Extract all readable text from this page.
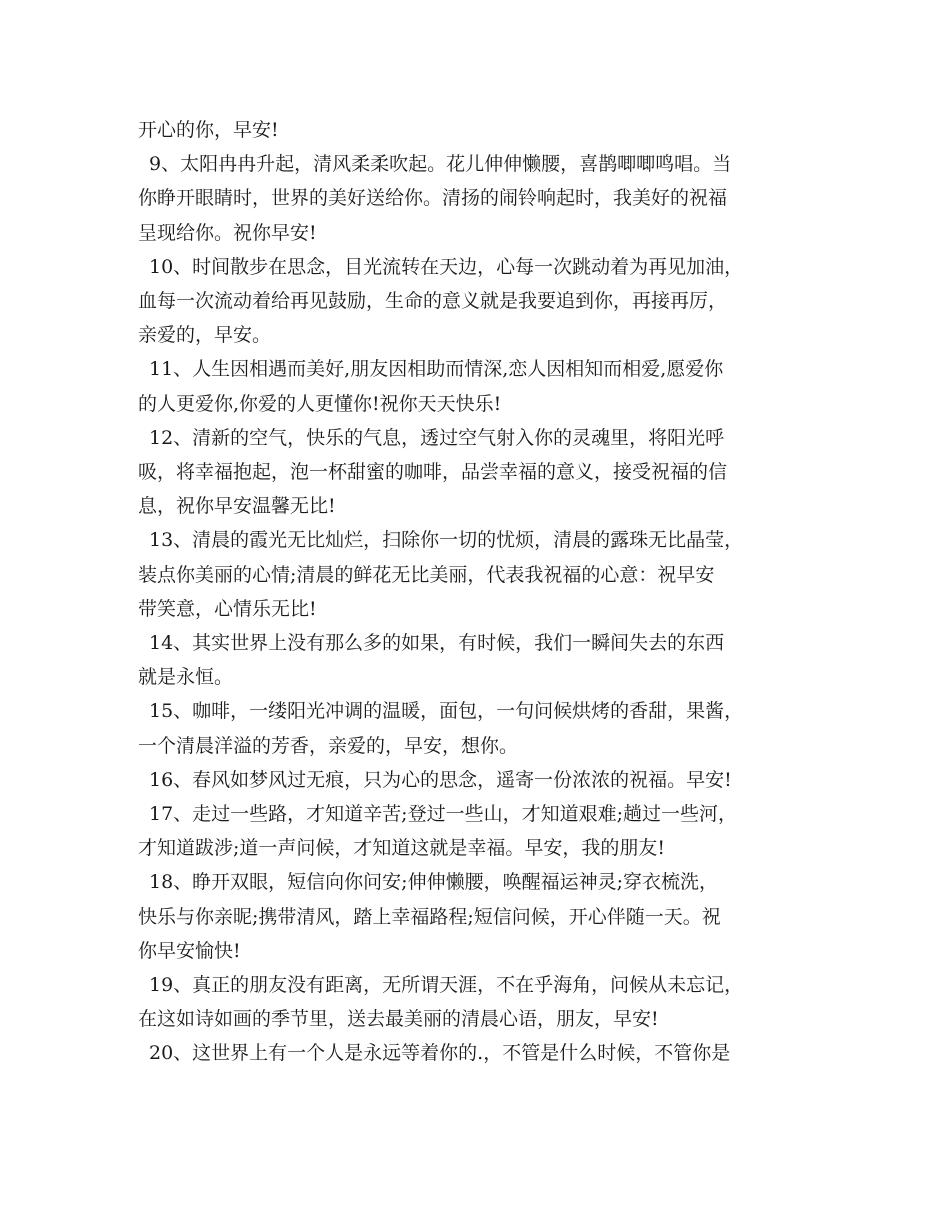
开心的你，早安!
9、太阳冉冉升起，清风柔柔吹起。花儿伸伸懒腰，喜鹊唧唧鸣唱。当
你睁开眼睛时，世界的美好送给你。清扬的闹铃响起时，我美好的祝福
呈现给你。祝你早安!
10、时间散步在思念，目光流转在天边，心每一次跳动着为再见加油，
血每一次流动着给再见鼓励，生命的意义就是我要追到你，再接再厉，
亲爱的，早安。
11、人生因相遇而美好,朋友因相助而情深,恋人因相知而相爱,愿爱你
的人更爱你,你爱的人更懂你!祝你天天快乐!
12、清新的空气，快乐的气息，透过空气射入你的灵魂里，将阳光呼
吸，将幸福抱起，泡一杯甜蜜的咖啡，品尝幸福的意义，接受祝福的信
息，祝你早安温馨无比!
13、清晨的霞光无比灿烂，扫除你一切的忧烦，清晨的露珠无比晶莹，
装点你美丽的心情;清晨的鲜花无比美丽，代表我祝福的心意：祝早安
带笑意，心情乐无比!
14、其实世界上没有那么多的如果，有时候，我们一瞬间失去的东西
就是永恒。
15、咖啡，一缕阳光冲调的温暖，面包，一句问候烘烤的香甜，果酱，
一个清晨洋溢的芳香，亲爱的，早安，想你。
16、春风如梦风过无痕，只为心的思念，遥寄一份浓浓的祝福。早安!
17、走过一些路，才知道辛苦;登过一些山，才知道艰难;趟过一些河，
才知道跋涉;道一声问候，才知道这就是幸福。早安，我的朋友!
18、睁开双眼，短信向你问安;伸伸懒腰，唤醒福运神灵;穿衣梳洗，
快乐与你亲昵;携带清风，踏上幸福路程;短信问候，开心伴随一天。祝
你早安愉快!
19、真正的朋友没有距离，无所谓天涯，不在乎海角，问候从未忘记，
在这如诗如画的季节里，送去最美丽的清晨心语，朋友，早安!
20、这世界上有一个人是永远等着你的.，不管是什么时候，不管你是
